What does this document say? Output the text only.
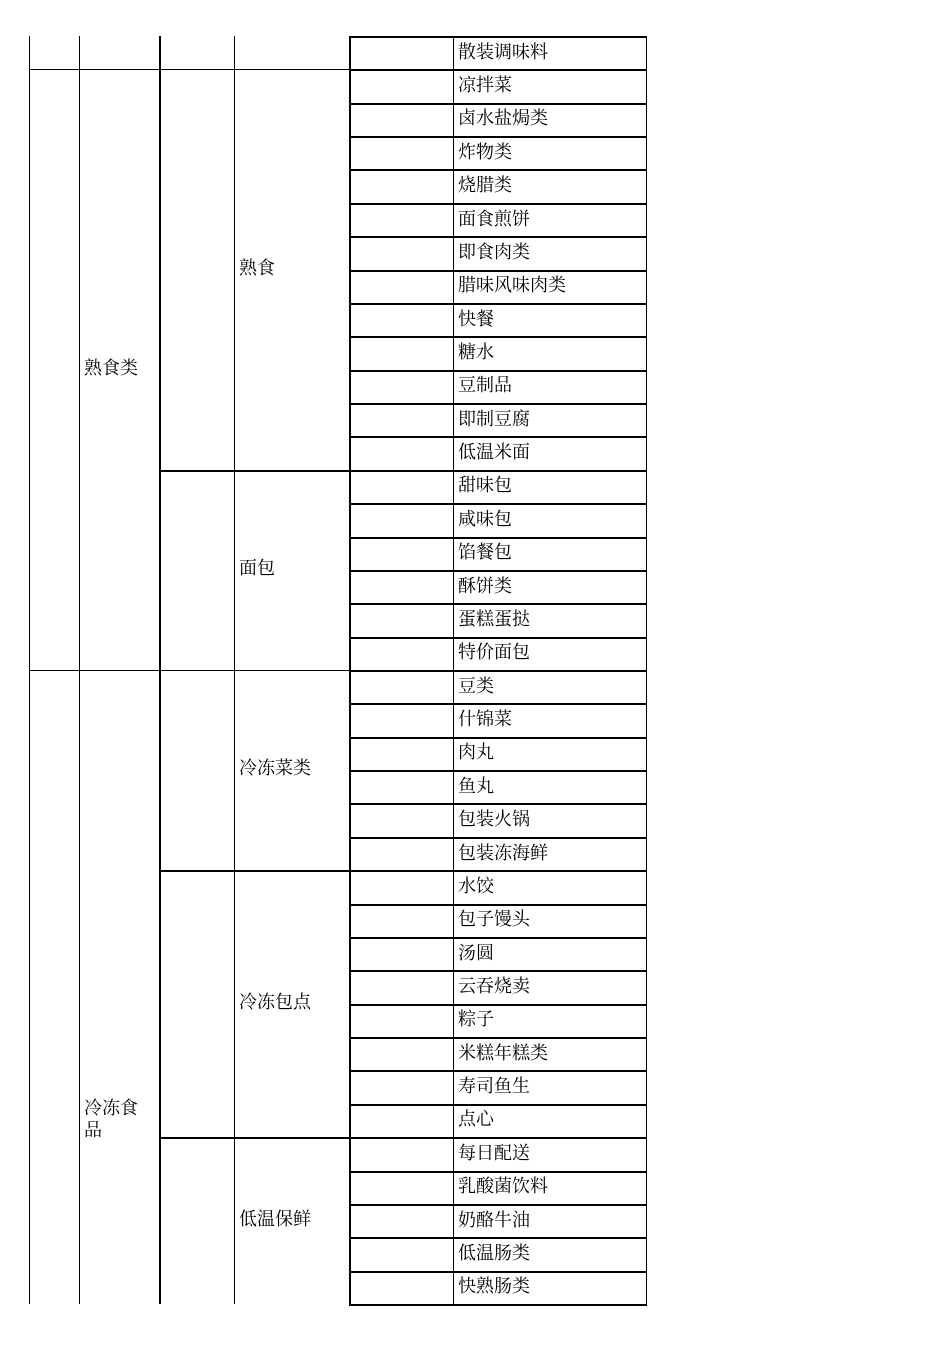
散装调味料
凉拌菜
卤水盐焗类
炸物类
烧腊类
面食煎饼
即食肉类
腊味风味肉类
快餐
糖水
豆制品
即制豆腐
低温米面
甜味包
咸味包
馅餐包
酥饼类
蛋糕蛋挞
特价面包
豆类
什锦菜
肉丸
鱼丸
包装火锅
包装冻海鲜
水饺
包子馒头
汤圆
云吞烧卖
粽子
米糕年糕类
寿司鱼生
点心
每日配送
乳酸菌饮料
奶酪牛油
低温肠类
快熟肠类
熟食
面包
熟食类
冷冻菜类
冷冻包点
低温保鲜
冷冻食品
